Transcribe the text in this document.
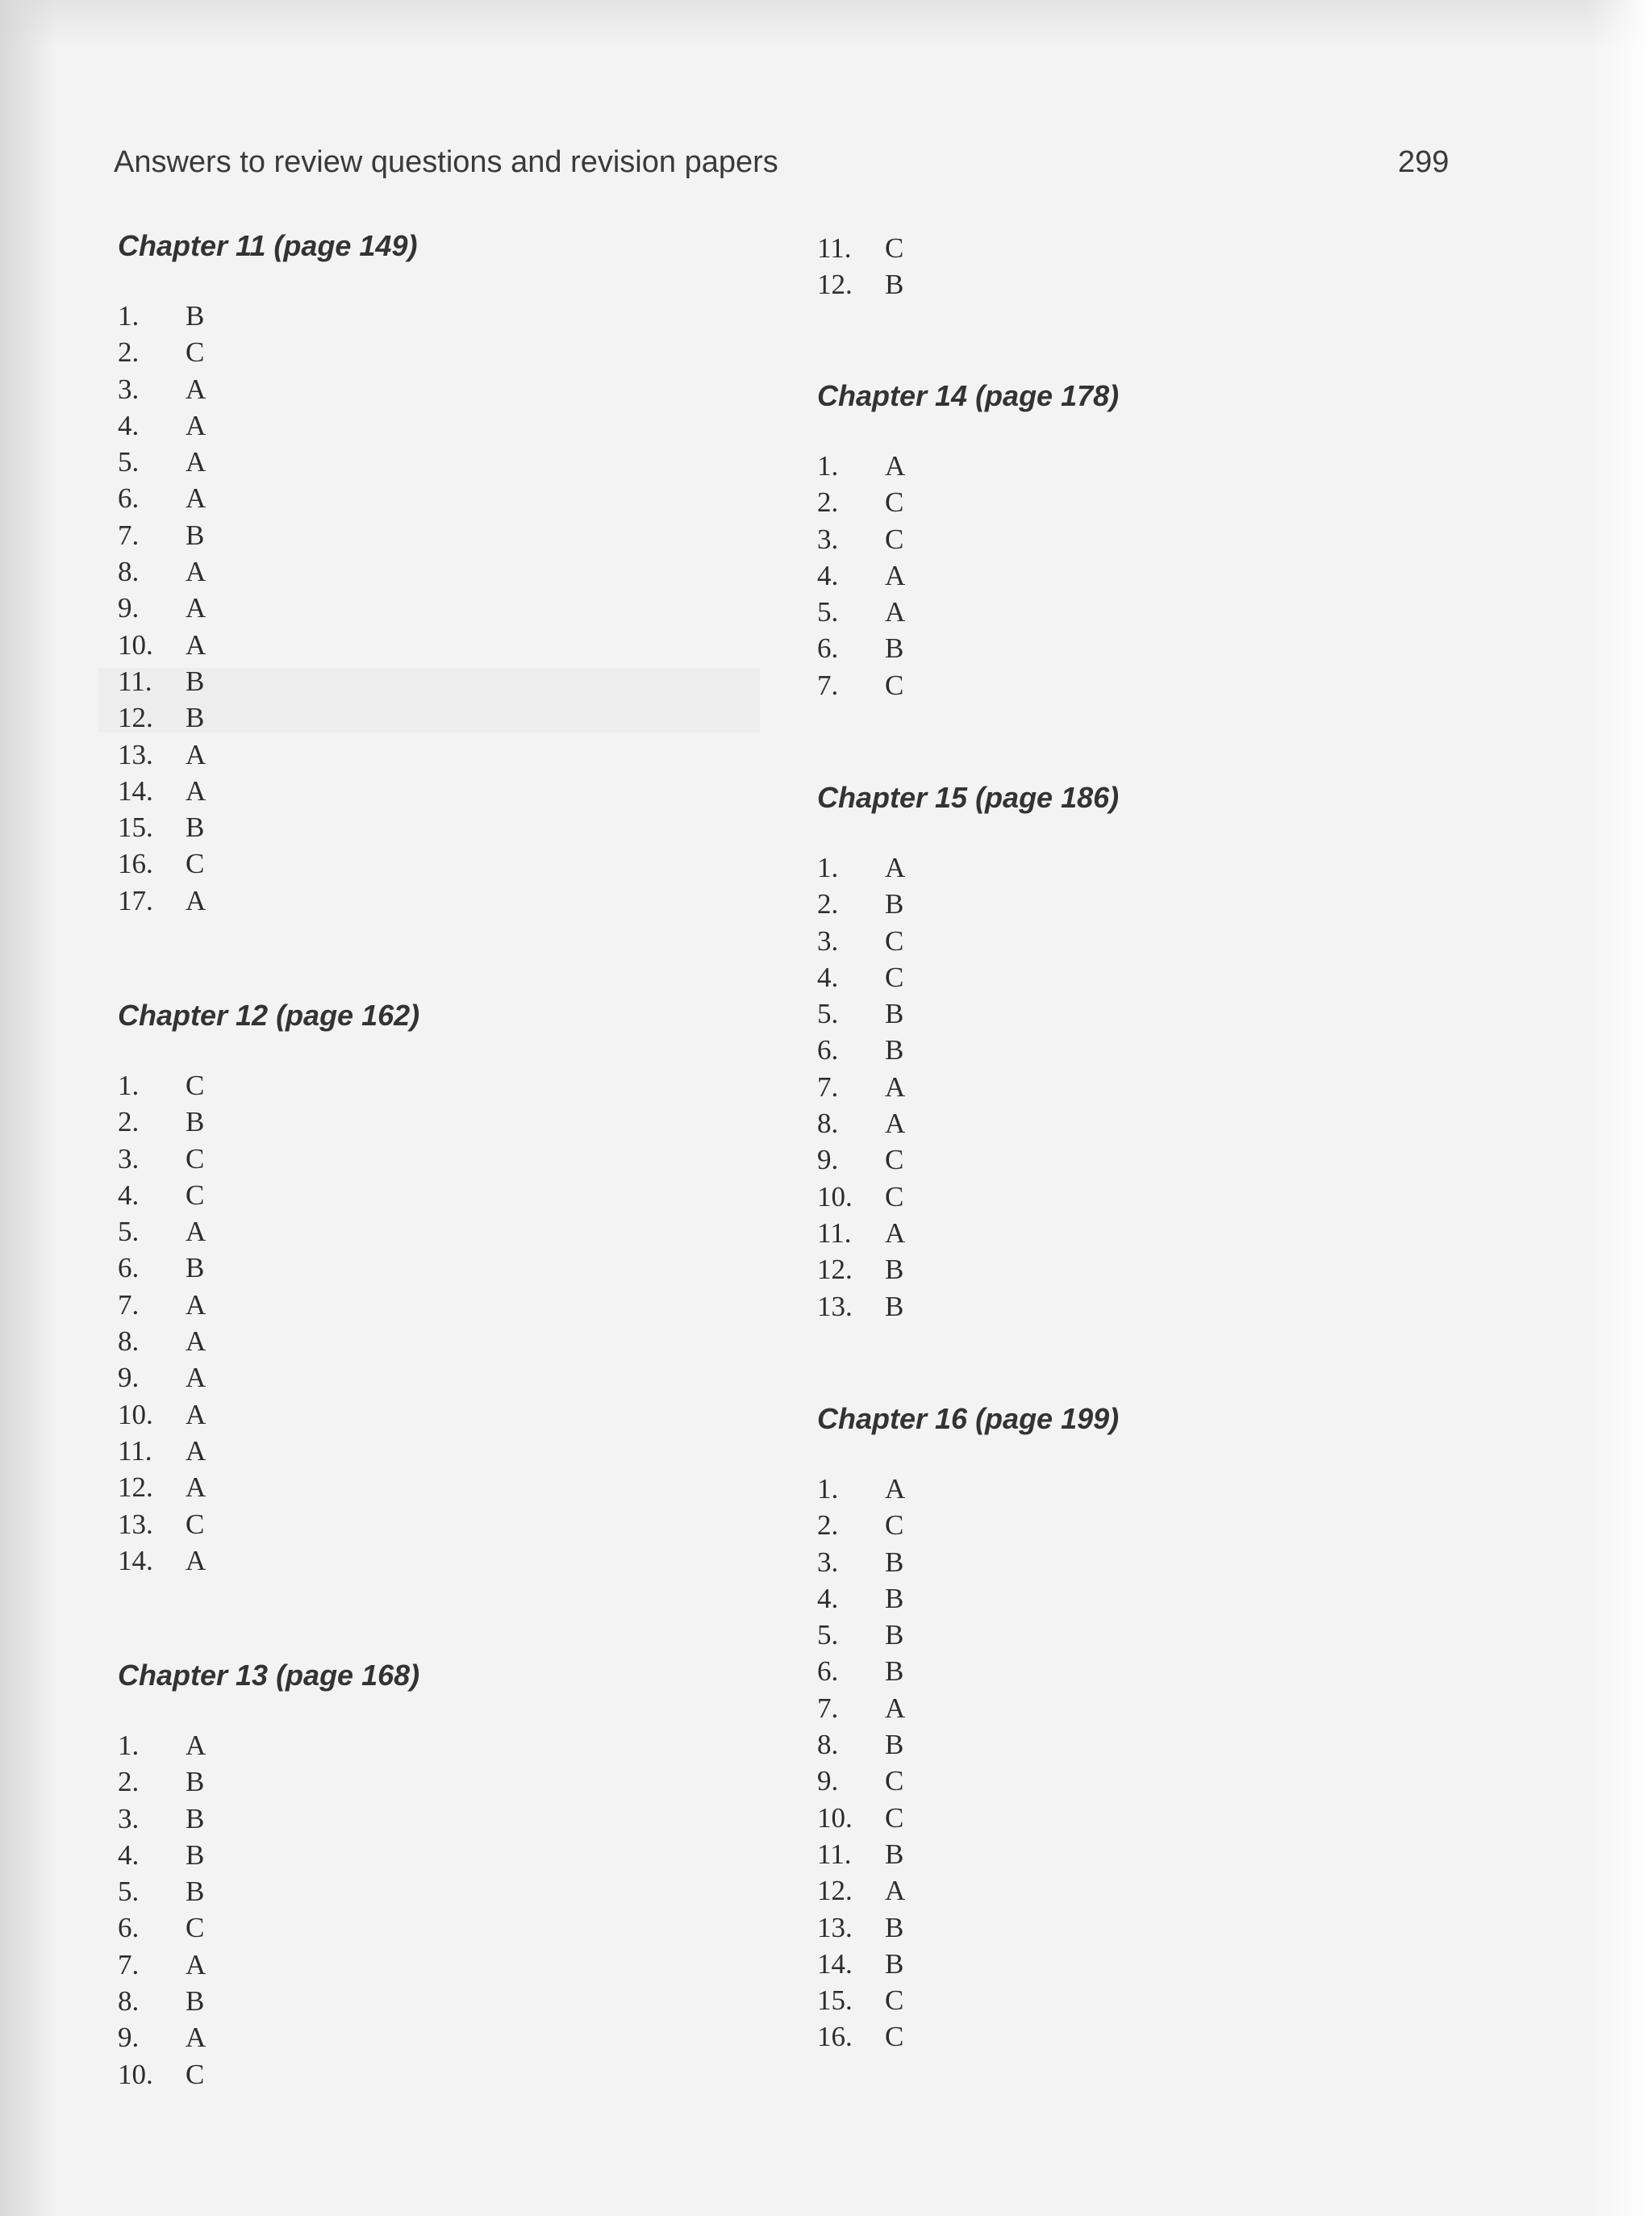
Answers to review questions and revision papers	299
Chapter 11 (page 149)
1.	B
2.	C
3.	A
4.	A
5.	A
6.	A
7.	B
8.	A
9.	A
10.	A
11.	B
12.	B
13.	A
14.	A
15.	B
16.	C
17.	A
Chapter 12 (page 162)
1.	C
2.	B
3.	C
4.	C
5.	A
6.	B
7.	A
8.	A
9.	A
10.	A
11.	A
12.	A
13.	C
14.	A
Chapter 13 (page 168)
1.	A
2.	B
3.	B
4.	B
5.	B
6.	C
7.	A
8.	B
9.	A
10.	C
11.	C
12.	B
Chapter 14 (page 178)
1.	A
2.	C
3.	C
4.	A
5.	A
6.	B
7.	C
Chapter 15 (page 186)
1.	A
2.	B
3.	C
4.	C
5.	B
6.	B
7.	A
8.	A
9.	C
10.	C
11.	A
12.	B
13.	B
Chapter 16 (page 199)
1.	A
2.	C
3.	B
4.	B
5.	B
6.	B
7.	A
8.	B
9.	C
10.	C
11.	B
12.	A
13.	B
14.	B
15.	C
16.	C
